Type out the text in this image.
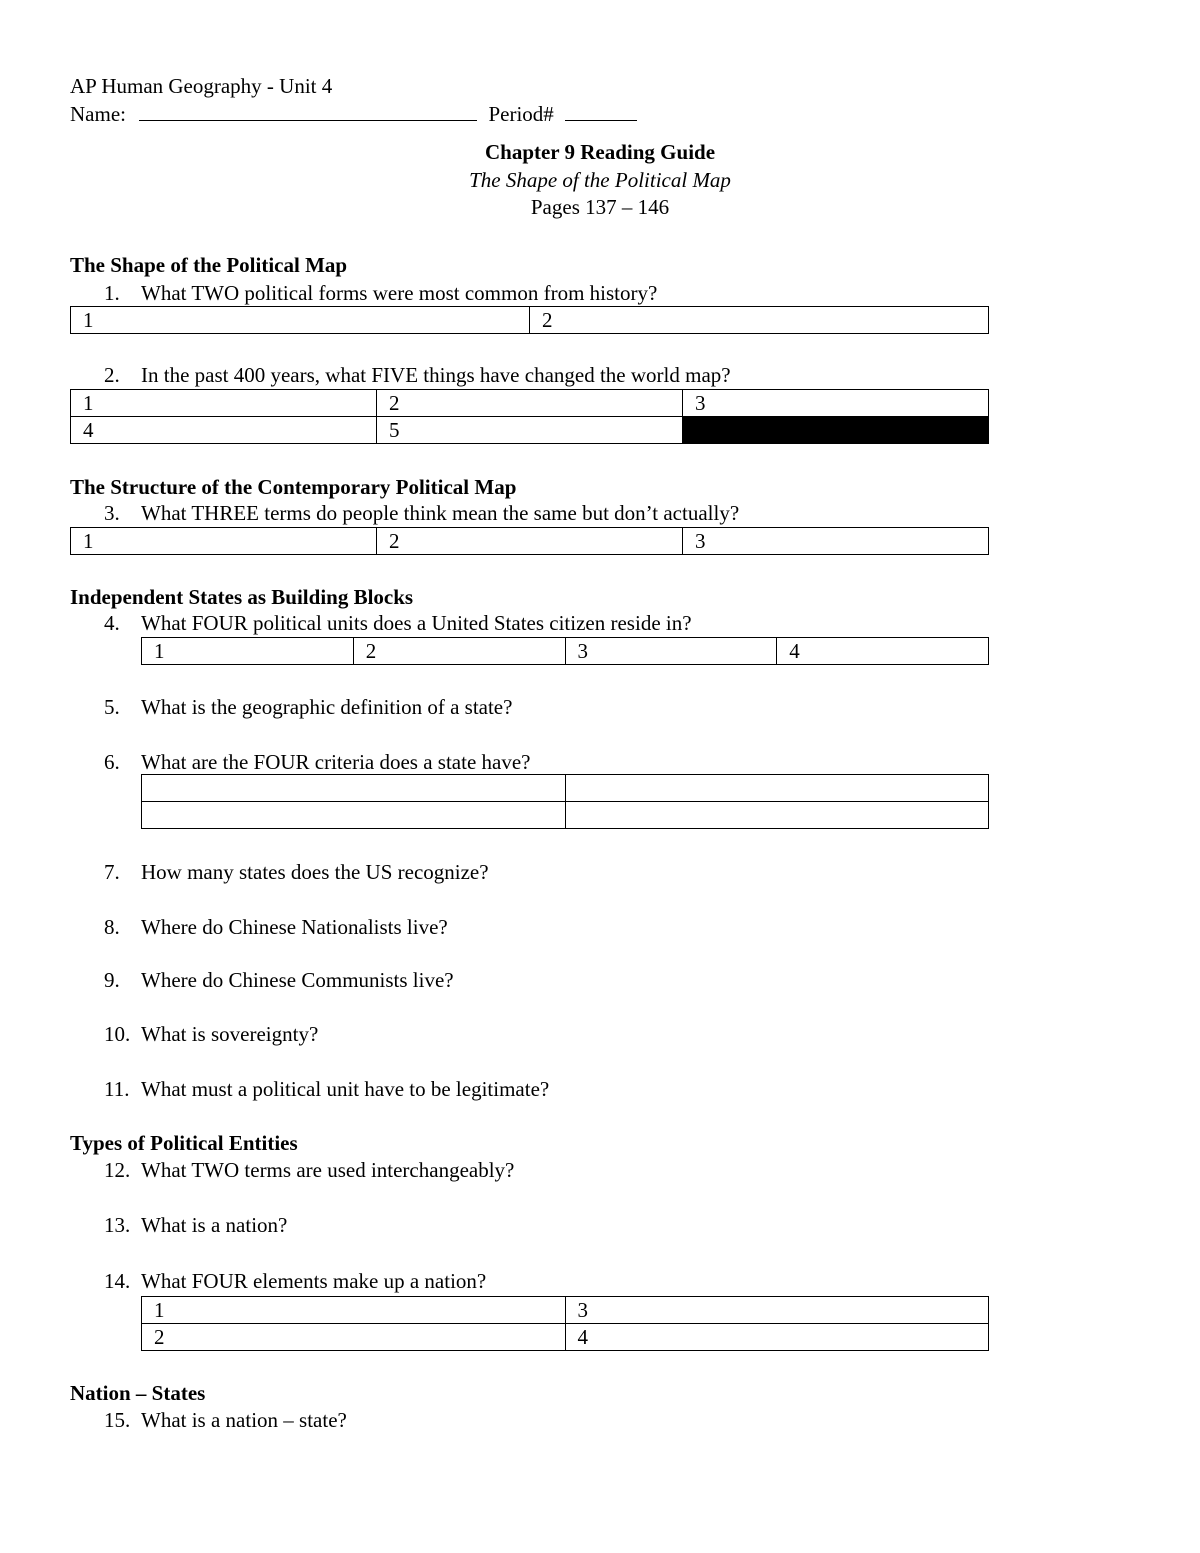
AP Human Geography - Unit 4
Name:	Period#
Chapter 9 Reading Guide
The Shape of the Political Map
Pages 137 – 146
The Shape of the Political Map
1. What TWO political forms were most common from history?
1	2
2. In the past 400 years, what FIVE things have changed the world map?
1	2	3
4	5	
The Structure of the Contemporary Political Map
3. What THREE terms do people think mean the same but don’t actually?
1	2	3
Independent States as Building Blocks
4. What FOUR political units does a United States citizen reside in?
1	2	3	4
5. What is the geographic definition of a state?
6. What are the FOUR criteria does a state have?

7. How many states does the US recognize?
8. Where do Chinese Nationalists live?
9. Where do Chinese Communists live?
10. What is sovereignty?
11. What must a political unit have to be legitimate?
Types of Political Entities
12. What TWO terms are used interchangeably?
13. What is a nation?
14. What FOUR elements make up a nation?
1	3
2	4
Nation – States
15. What is a nation – state?
